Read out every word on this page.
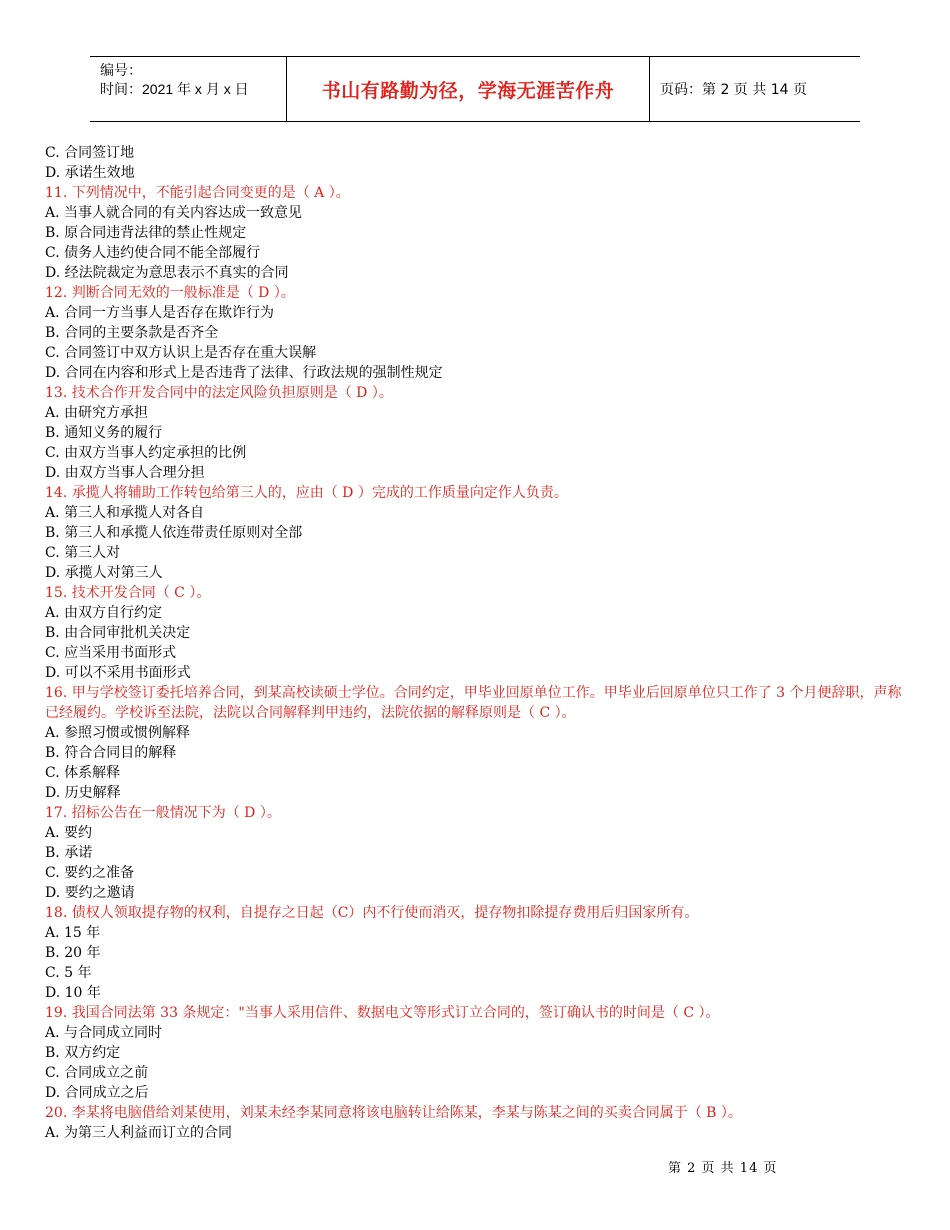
编号：
时间：2021 年 x 月 x 日	书山有路勤为径，学海无涯苦作舟	页码：第 2 页 共 14 页
C. 合同签订地
D. 承诺生效地
11. 下列情况中，不能引起合同变更的是（ A ）。
A. 当事人就合同的有关内容达成一致意见
B. 原合同违背法律的禁止性规定
C. 债务人违约使合同不能全部履行
D. 经法院裁定为意思表示不真实的合同
12. 判断合同无效的一般标准是（ D ）。
A. 合同一方当事人是否存在欺诈行为
B. 合同的主要条款是否齐全
C. 合同签订中双方认识上是否存在重大误解
D. 合同在内容和形式上是否违背了法律、行政法规的强制性规定
13. 技术合作开发合同中的法定风险负担原则是（ D ）。
A. 由研究方承担
B. 通知义务的履行
C. 由双方当事人约定承担的比例
D. 由双方当事人合理分担
14. 承揽人将辅助工作转包给第三人的，应由（ D ）完成的工作质量向定作人负责。
A. 第三人和承揽人对各自
B. 第三人和承揽人依连带责任原则对全部
C. 第三人对
D. 承揽人对第三人
15. 技术开发合同（ C ）。
A. 由双方自行约定
B. 由合同审批机关决定
C. 应当采用书面形式
D. 可以不采用书面形式
16. 甲与学校签订委托培养合同，到某高校读硕士学位。合同约定，甲毕业回原单位工作。甲毕业后回原单位只工作了 3 个月便辞职，声称已经履约。学校诉至法院，法院以合同解释判甲违约，法院依据的解释原则是（ C ）。
A. 参照习惯或惯例解释
B. 符合合同目的解释
C. 体系解释
D. 历史解释
17. 招标公告在一般情况下为（ D ）。
A. 要约
B. 承诺
C. 要约之准备
D. 要约之邀请
18. 债权人领取提存物的权利，自提存之日起（C）内不行使而消灭，提存物扣除提存费用后归国家所有。
A. 15 年
B. 20 年
C. 5 年
D. 10 年
19. 我国合同法第 33 条规定："当事人采用信件、数据电文等形式订立合同的，签订确认书的时间是（ C ）。
A. 与合同成立同时
B. 双方约定
C. 合同成立之前
D. 合同成立之后
20. 李某将电脑借给刘某使用，刘某未经李某同意将该电脑转让给陈某，李某与陈某之间的买卖合同属于（ B ）。
A. 为第三人利益而订立的合同
第 2 页 共 14 页
